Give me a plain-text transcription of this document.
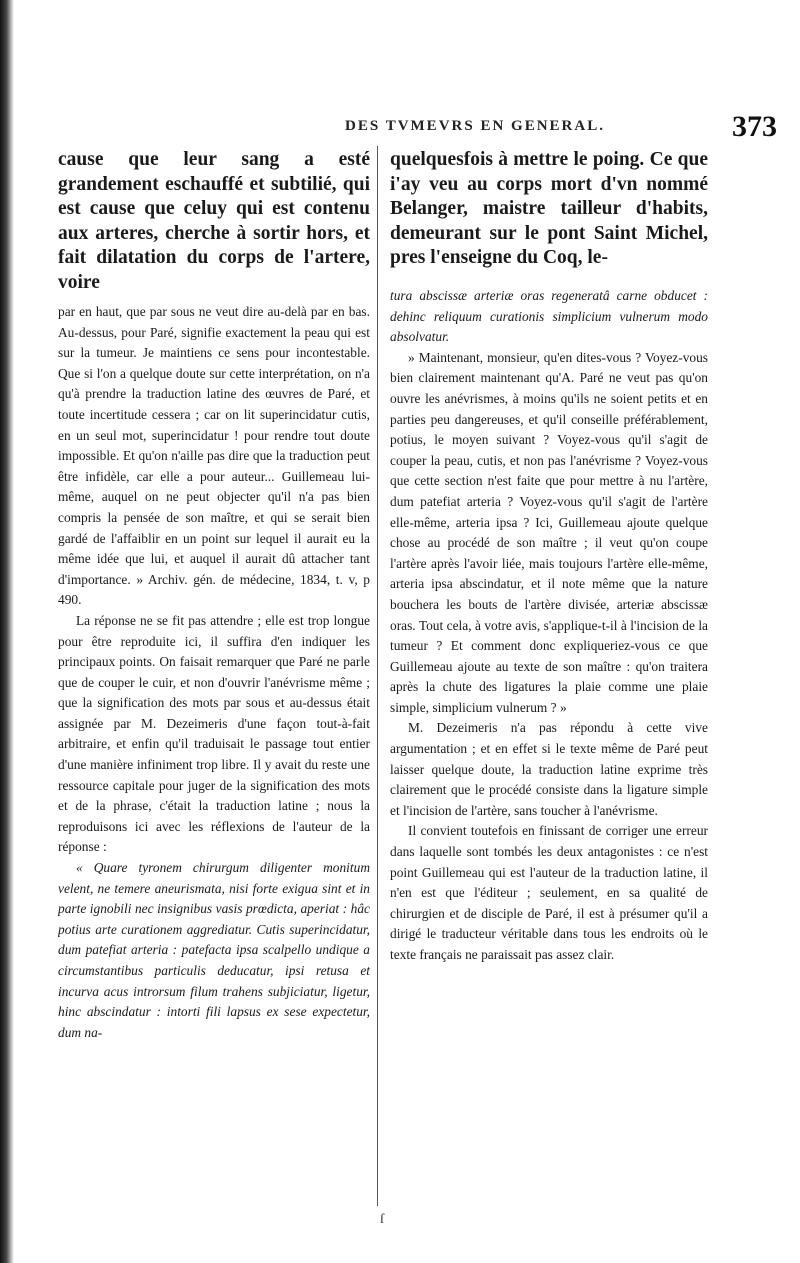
DES TVMEVRS EN GENERAL.	373

cause que leur sang a esté grandement eschauffé et subtilié, qui est cause que celuy qui est contenu aux arteres, cherche à sortir hors, et fait dilatation du corps de l'artere, voire

par en haut, que par sous ne veut dire au-delà par en bas. Au-dessus, pour Paré, signifie exactement la peau qui est sur la tumeur. Je maintiens ce sens pour incontestable. Que si l'on a quelque doute sur cette interprétation, on n'a qu'à prendre la traduction latine des œuvres de Paré, et toute incertitude cessera ; car on lit superincidatur cutis, en un seul mot, superincidatur ! pour rendre tout doute impossible. Et qu'on n'aille pas dire que la traduction peut être infidèle, car elle a pour auteur... Guillemeau lui-même, auquel on ne peut objecter qu'il n'a pas bien compris la pensée de son maître, et qui se serait bien gardé de l'affaiblir en un point sur lequel il aurait eu la même idée que lui, et auquel il aurait dû attacher tant d'importance. » Archiv. gén. de médecine, 1834, t. v, p 490.

La réponse ne se fit pas attendre ; elle est trop longue pour être reproduite ici, il suffira d'en indiquer les principaux points. On faisait remarquer que Paré ne parle que de couper le cuir, et non d'ouvrir l'anévrisme même ; que la signification des mots par sous et au-dessus était assignée par M. Dezeimeris d'une façon tout-à-fait arbitraire, et enfin qu'il traduisait le passage tout entier d'une manière infiniment trop libre. Il y avait du reste une ressource capitale pour juger de la signification des mots et de la phrase, c'était la traduction latine ; nous la reproduisons ici avec les réflexions de l'auteur de la réponse :

« Quare tyronem chirurgum diligenter monitum velent, ne temere aneurismata, nisi forte exigua sint et in parte ignobili nec insignibus vasis prœdicta, aperiat : hâc potius arte curationem aggrediatur. Cutis superincidatur, dum patefiat arteria : patefacta ipsa scalpello undique a circumstantibus particulis deducatur, ipsi retusa et incurva acus introrsum filum trahens subjiciatur, ligetur, hinc abscindatur : intorti fili lapsus ex sese expectetur, dum na-

quelquesfois à mettre le poing. Ce que i'ay veu au corps mort d'vn nommé Belanger, maistre tailleur d'habits, demeurant sur le pont Saint Michel, pres l'enseigne du Coq, le-

tura abscissæ arteriæ oras regeneratâ carne obducet : dehinc reliquum curationis simplicium vulnerum modo absolvatur.

» Maintenant, monsieur, qu'en dites-vous ? Voyez-vous bien clairement maintenant qu'A. Paré ne veut pas qu'on ouvre les anévrismes, à moins qu'ils ne soient petits et en parties peu dangereuses, et qu'il conseille préférablement, potius, le moyen suivant ? Voyez-vous qu'il s'agit de couper la peau, cutis, et non pas l'anévrisme ? Voyez-vous que cette section n'est faite que pour mettre à nu l'artère, dum patefiat arteria ? Voyez-vous qu'il s'agit de l'artère elle-même, arteria ipsa ? Ici, Guillemeau ajoute quelque chose au procédé de son maître ; il veut qu'on coupe l'artère après l'avoir liée, mais toujours l'artère elle-même, arteria ipsa abscindatur, et il note même que la nature bouchera les bouts de l'artère divisée, arteriæ abscissæ oras. Tout cela, à votre avis, s'applique-t-il à l'incision de la tumeur ? Et comment donc expliqueriez-vous ce que Guillemeau ajoute au texte de son maître : qu'on traitera après la chute des ligatures la plaie comme une plaie simple, simplicium vulnerum ? »

M. Dezeimeris n'a pas répondu à cette vive argumentation ; et en effet si le texte même de Paré peut laisser quelque doute, la traduction latine exprime très clairement que le procédé consiste dans la ligature simple et l'incision de l'artère, sans toucher à l'anévrisme.

Il convient toutefois en finissant de corriger une erreur dans laquelle sont tombés les deux antagonistes : ce n'est point Guillemeau qui est l'auteur de la traduction latine, il n'en est que l'éditeur ; seulement, en sa qualité de chirurgien et de disciple de Paré, il est à présumer qu'il a dirigé le traducteur véritable dans tous les endroits où le texte français ne paraissait pas assez clair.

ſ
